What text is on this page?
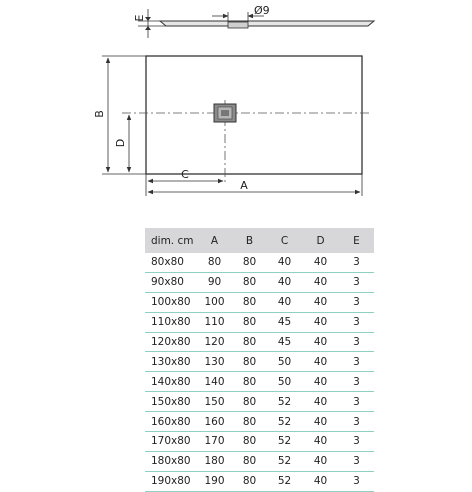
E
Ø9
B
D
C
A
dim. cm	A	B	C	D	E
80x80	80	80	40	40	3
90x80	90	80	40	40	3
100x80	100	80	40	40	3
110x80	110	80	45	40	3
120x80	120	80	45	40	3
130x80	130	80	50	40	3
140x80	140	80	50	40	3
150x80	150	80	52	40	3
160x80	160	80	52	40	3
170x80	170	80	52	40	3
180x80	180	80	52	40	3
190x80	190	80	52	40	3
